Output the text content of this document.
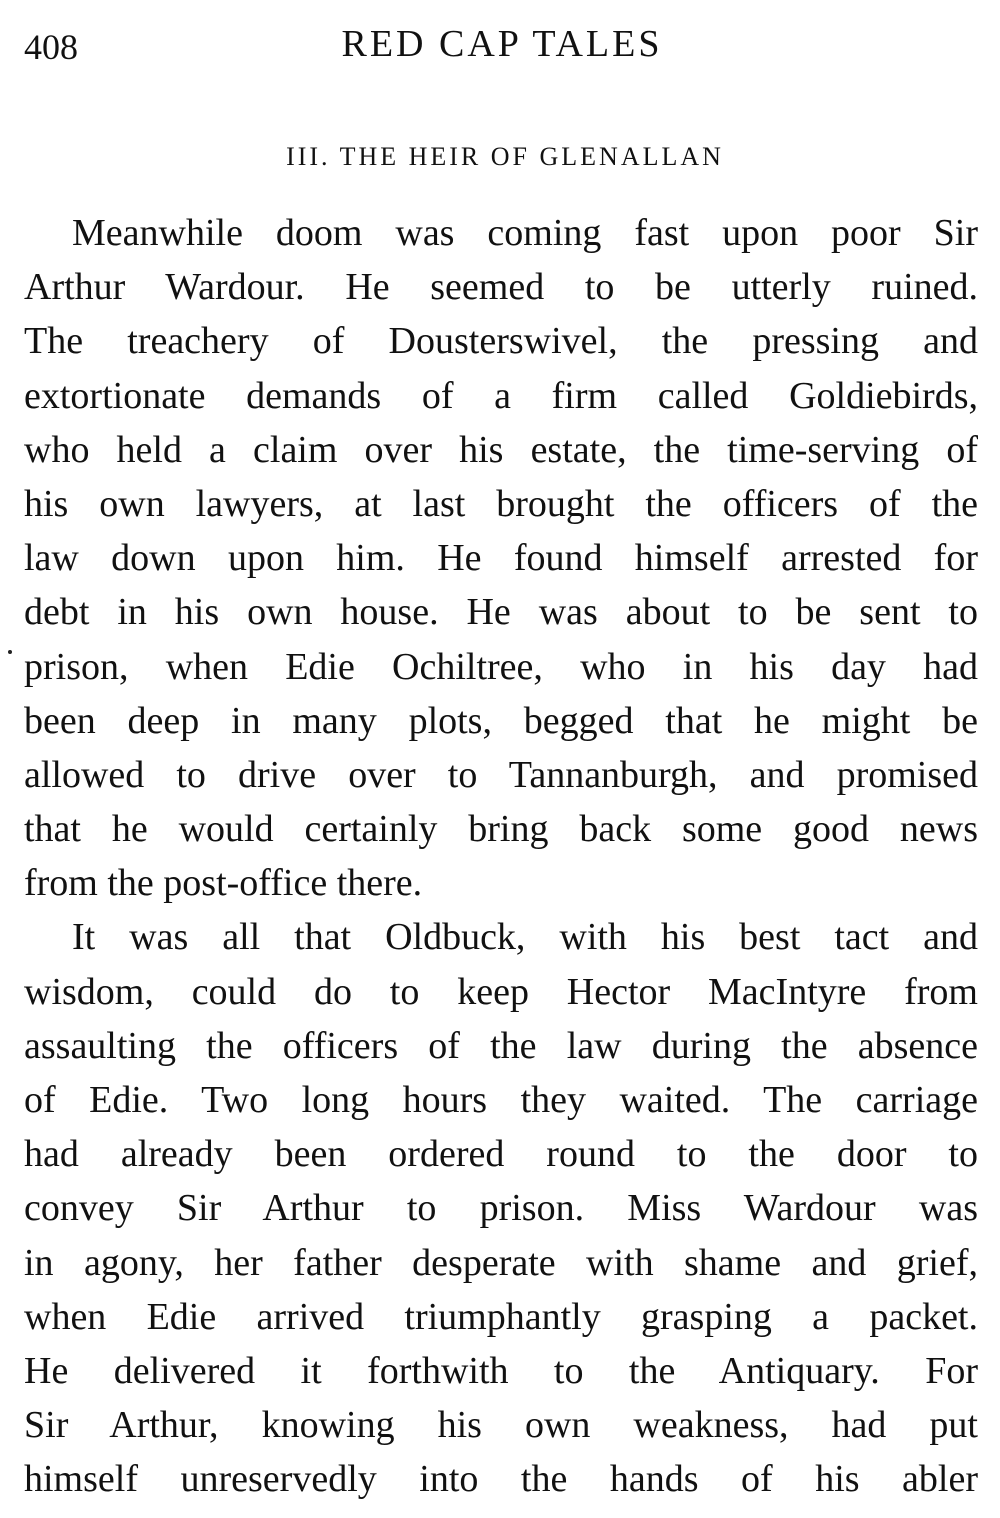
408	RED CAP TALES
III. THE HEIR OF GLENALLAN
Meanwhile doom was coming fast upon poor Sir
Arthur Wardour. He seemed to be utterly ruined.
The treachery of Dousterswivel, the pressing and
extortionate demands of a firm called Goldiebirds,
who held a claim over his estate, the time-serving of
his own lawyers, at last brought the officers of the
law down upon him. He found himself arrested for
debt in his own house. He was about to be sent to
prison, when Edie Ochiltree, who in his day had
been deep in many plots, begged that he might be
allowed to drive over to Tannanburgh, and promised
that he would certainly bring back some good news
from the post-office there.
It was all that Oldbuck, with his best tact and
wisdom, could do to keep Hector MacIntyre from
assaulting the officers of the law during the absence
of Edie. Two long hours they waited. The carriage
had already been ordered round to the door to
convey Sir Arthur to prison. Miss Wardour was
in agony, her father desperate with shame and grief,
when Edie arrived triumphantly grasping a packet.
He delivered it forthwith to the Antiquary. For
Sir Arthur, knowing his own weakness, had put
himself unreservedly into the hands of his abler
